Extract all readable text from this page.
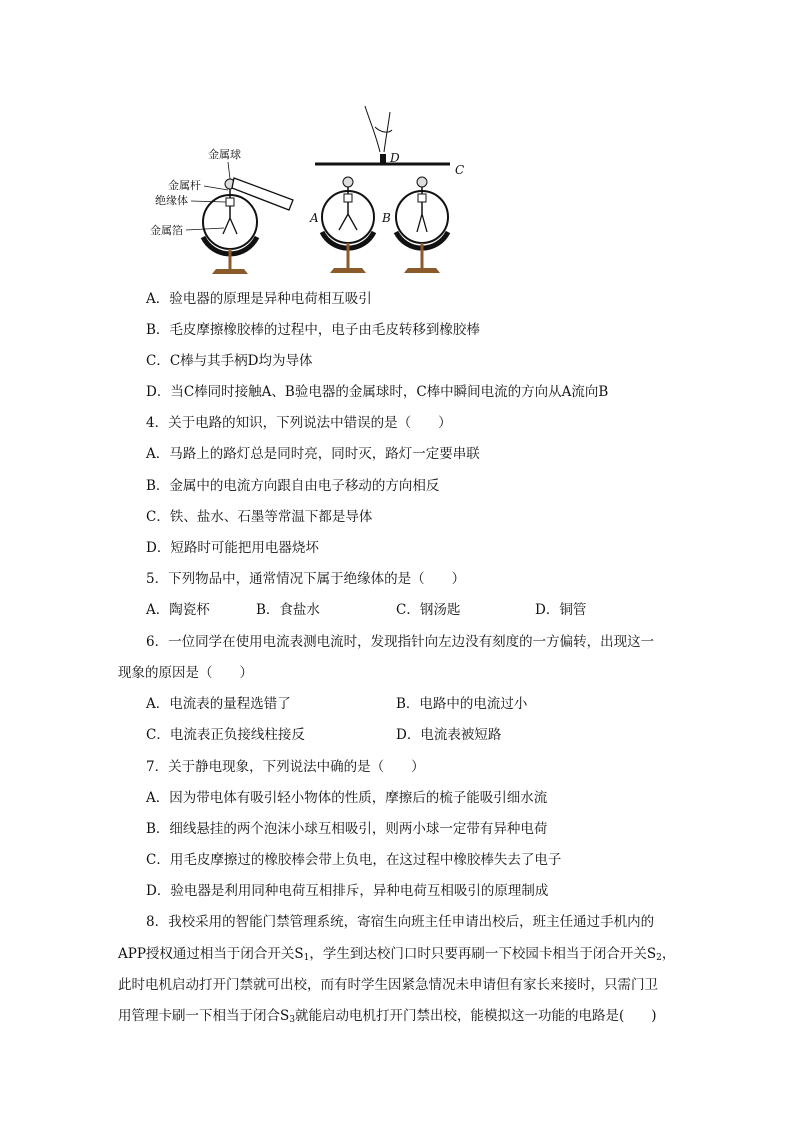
金属球
金属杆
绝缘体
金属箔
D
C
A	B
A．验电器的原理是异种电荷相互吸引
B．毛皮摩擦橡胶棒的过程中，电子由毛皮转移到橡胶棒
C．C棒与其手柄D均为导体
D．当C棒同时接触A、B验电器的金属球时，C棒中瞬间电流的方向从A流向B
4．关于电路的知识，下列说法中错误的是（　　）
A．马路上的路灯总是同时亮，同时灭，路灯一定要串联
B．金属中的电流方向跟自由电子移动的方向相反
C．铁、盐水、石墨等常温下都是导体
D．短路时可能把用电器烧坏
5．下列物品中，通常情况下属于绝缘体的是（　　）
A．陶瓷杯	B．食盐水	C．钢汤匙	D．铜管
6．一位同学在使用电流表测电流时，发现指针向左边没有刻度的一方偏转，出现这一
现象的原因是（　　）
A．电流表的量程选错了	B．电路中的电流过小
C．电流表正负接线柱接反	D．电流表被短路
7．关于静电现象，下列说法中确的是（　　）
A．因为带电体有吸引轻小物体的性质，摩擦后的梳子能吸引细水流
B．细线悬挂的两个泡沫小球互相吸引，则两小球一定带有异种电荷
C．用毛皮摩擦过的橡胶棒会带上负电，在这过程中橡胶棒失去了电子
D．验电器是利用同种电荷互相排斥，异种电荷互相吸引的原理制成
8．我校采用的智能门禁管理系统，寄宿生向班主任申请出校后，班主任通过手机内的
APP授权通过相当于闭合开关$S_1$，学生到达校门口时只要再刷一下校园卡相当于闭合开关$S_2$，
此时电机启动打开门禁就可出校，而有时学生因紧急情况未申请但有家长来接时，只需门卫
用管理卡刷一下相当于闭合$S_3$就能启动电机打开门禁出校，能模拟这一功能的电路是(　　)
